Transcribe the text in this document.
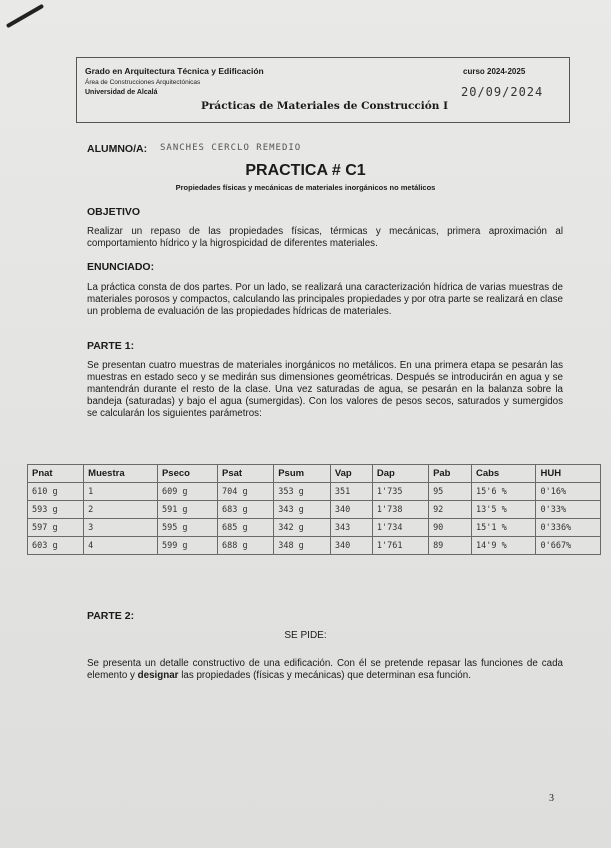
Grado en Arquitectura Técnica y Edificación
Área de Construcciones Arquitectónicas
Universidad de Alcalá
curso 2024-2025
20/09/2024
Prácticas de Materiales de Construcción I
ALUMNO/A: SANCHES CERCLO REMEDIO
PRACTICA # C1
Propiedades físicas y mecánicas de materiales inorgánicos no metálicos
OBJETIVO
Realizar un repaso de las propiedades físicas, térmicas y mecánicas, primera aproximación al comportamiento hídrico y la higrospicidad de diferentes materiales.
ENUNCIADO:
La práctica consta de dos partes. Por un lado, se realizará una caracterización hídrica de varias muestras de materiales porosos y compactos, calculando las principales propiedades y por otra parte se realizará en clase un problema de evaluación de las propiedades hídricas de materiales.
PARTE 1:
Se presentan cuatro muestras de materiales inorgánicos no metálicos. En una primera etapa se pesarán las muestras en estado seco y se medirán sus dimensiones geométricas. Después se introducirán en agua y se mantendrán durante el resto de la clase. Una vez saturadas de agua, se pesarán en la balanza sobre la bandeja (saturadas) y bajo el agua (sumergidas). Con los valores de pesos secos, saturados y sumergidos se calcularán los siguientes parámetros:
Pnat	Muestra	Pseco	Psat	Psum	Vap	Dap	Pab	Cabs	HUH
610 g	1	609 g	704 g	353 g	351	1'735	95	15'6 %	0'16%
593 g	2	591 g	683 g	343 g	340	1'738	92	13'5 %	0'33%
597 g	3	595 g	685 g	342 g	343	1'734	90	15'1 %	0'336%
603 g	4	599 g	688 g	348 g	340	1'761	89	14'9 %	0'667%
PARTE 2:
SE PIDE:
Se presenta un detalle constructivo de una edificación. Con él se pretende repasar las funciones de cada elemento y designar las propiedades (físicas y mecánicas) que determinan esa función.
3
